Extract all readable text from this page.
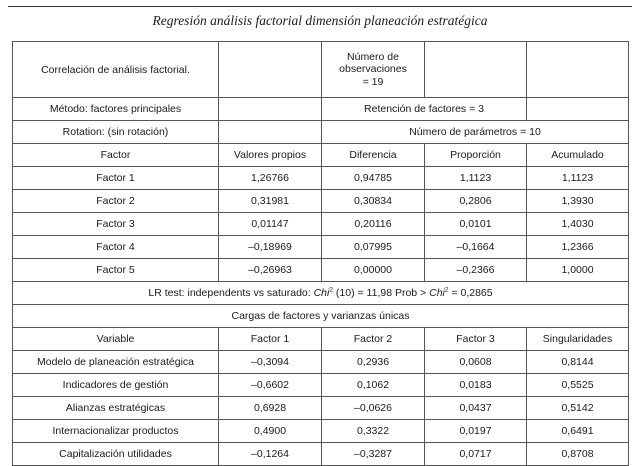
Regresión análisis factorial dimensión planeación estratégica
Correlación de análisis factorial.		Número de
observaciones
= 19		
Método: factores principales		Retención de factores = 3		
Rotation: (sin rotación)		Número de parámetros = 10		
Factor	Valores propios	Diferencia	Proporción	Acumulado
Factor 1	1,26766	0,94785	1,1123	1,1123
Factor 2	0,31981	0,30834	0,2806	1,3930
Factor 3	0,01147	0,20116	0,0101	1,4030
Factor 4	–0,18969	0,07995	–0,1664	1,2366
Factor 5	–0,26963	0,00000	–0,2366	1,0000
LR test: independents vs saturado: Chi$^2$ (10) = 11,98 Prob > Chi$^2$ = 0,2865				
Cargas de factores y varianzas únicas				
Variable	Factor 1	Factor 2	Factor 3	Singularidades
Modelo de planeación estratégica	–0,3094	0,2936	0,0608	0,8144
Indicadores de gestión	–0,6602	0,1062	0,0183	0,5525
Alianzas estratégicas	0,6928	–0,0626	0,0437	0,5142
Internacionalizar productos	0,4900	0,3322	0,0197	0,6491
Capitalización utilidades	–0,1264	–0,3287	0,0717	0,8708
